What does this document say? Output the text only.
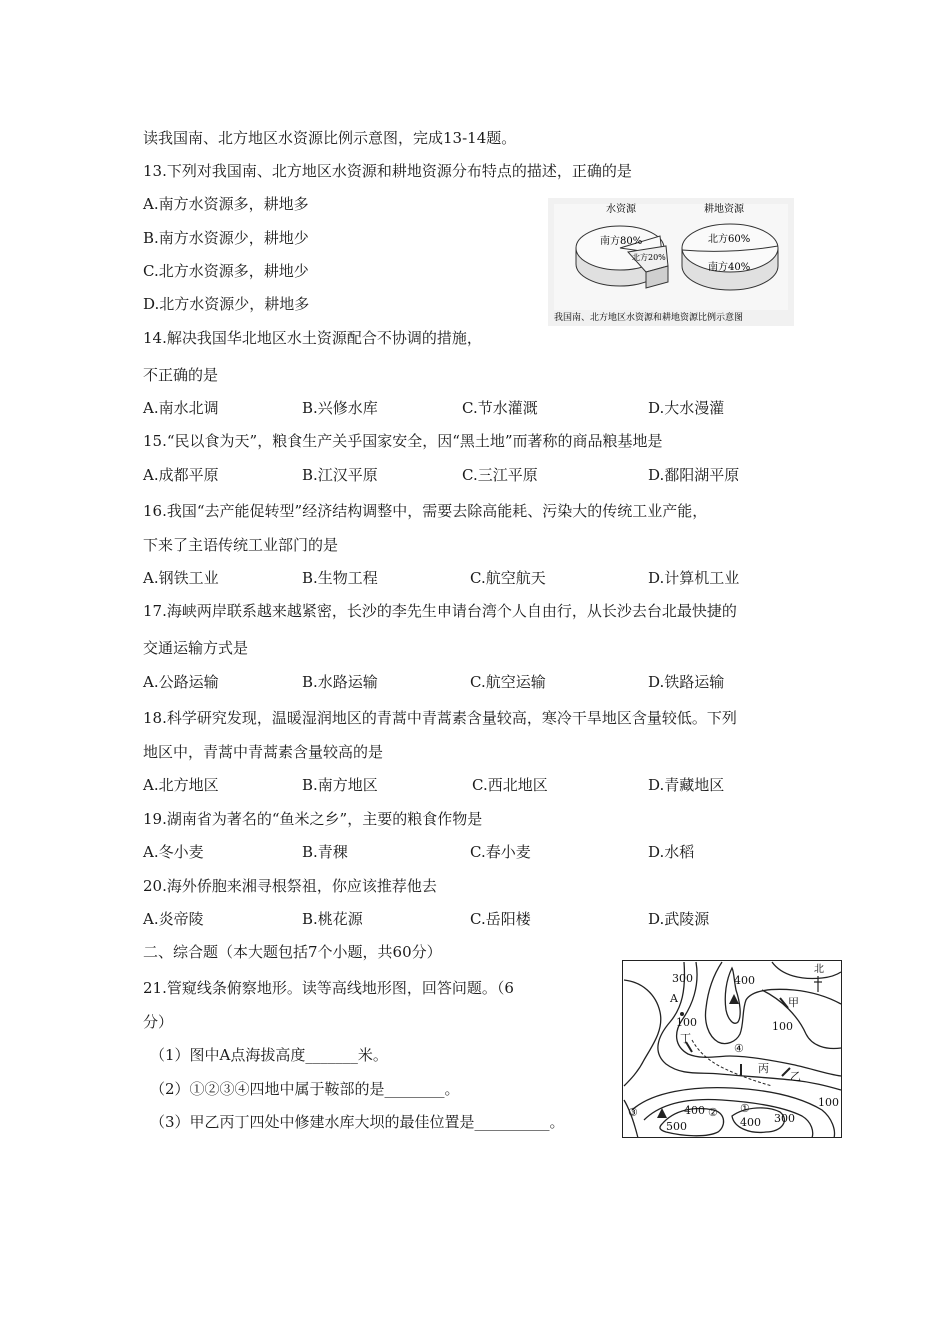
读我国南、北方地区水资源比例示意图，完成13-14题。
13.下列对我国南、北方地区水资源和耕地资源分布特点的描述，正确的是
A.南方水资源多，耕地多
B.南方水资源少，耕地少
C.北方水资源多，耕地少
D.北方水资源少，耕地多
水资源
南方80%
北方20%
耕地资源
北方60%
南方40%
我国南、北方地区水资源和耕地资源比例示意图
14.解决我国华北地区水土资源配合不协调的措施，
不正确的是
A.南水北调	B.兴修水库	C.节水灌溉	D.大水漫灌
15.“民以食为天”，粮食生产关乎国家安全，因“黑土地”而著称的商品粮基地是
A.成都平原	B.江汉平原	C.三江平原	D.鄱阳湖平原
16.我国“去产能促转型”经济结构调整中，需要去除高能耗、污染大的传统工业产能，
下来了主语传统工业部门的是
A.钢铁工业	B.生物工程	C.航空航天	D.计算机工业
17.海峡两岸联系越来越紧密，长沙的李先生申请台湾个人自由行，从长沙去台北最快捷的
交通运输方式是
A.公路运输	B.水路运输	C.航空运输	D.铁路运输
18.科学研究发现，温暖湿润地区的青蒿中青蒿素含量较高，寒冷干旱地区含量较低。下列
地区中，青蒿中青蒿素含量较高的是
A.北方地区	B.南方地区	C.西北地区	D.青藏地区
19.湖南省为著名的“鱼米之乡”，主要的粮食作物是
A.冬小麦	B.青稞	C.春小麦	D.水稻
20.海外侨胞来湘寻根祭祖，你应该推荐他去
A.炎帝陵	B.桃花源	C.岳阳楼	D.武陵源
二、综合题（本大题包括7个小题，共60分）
21.管窥线条俯察地形。读等高线地形图，回答问题。（6
分）
（1）图中A点海拔高度_______米。
（2）①②③④四地中属于鞍部的是________。
（3）甲乙丙丁四处中修建水库大坝的最佳位置是__________。
北
300
A
100
400
甲
100
④
丁
丙
乙
③
500
400 ② ①
400 300
100
